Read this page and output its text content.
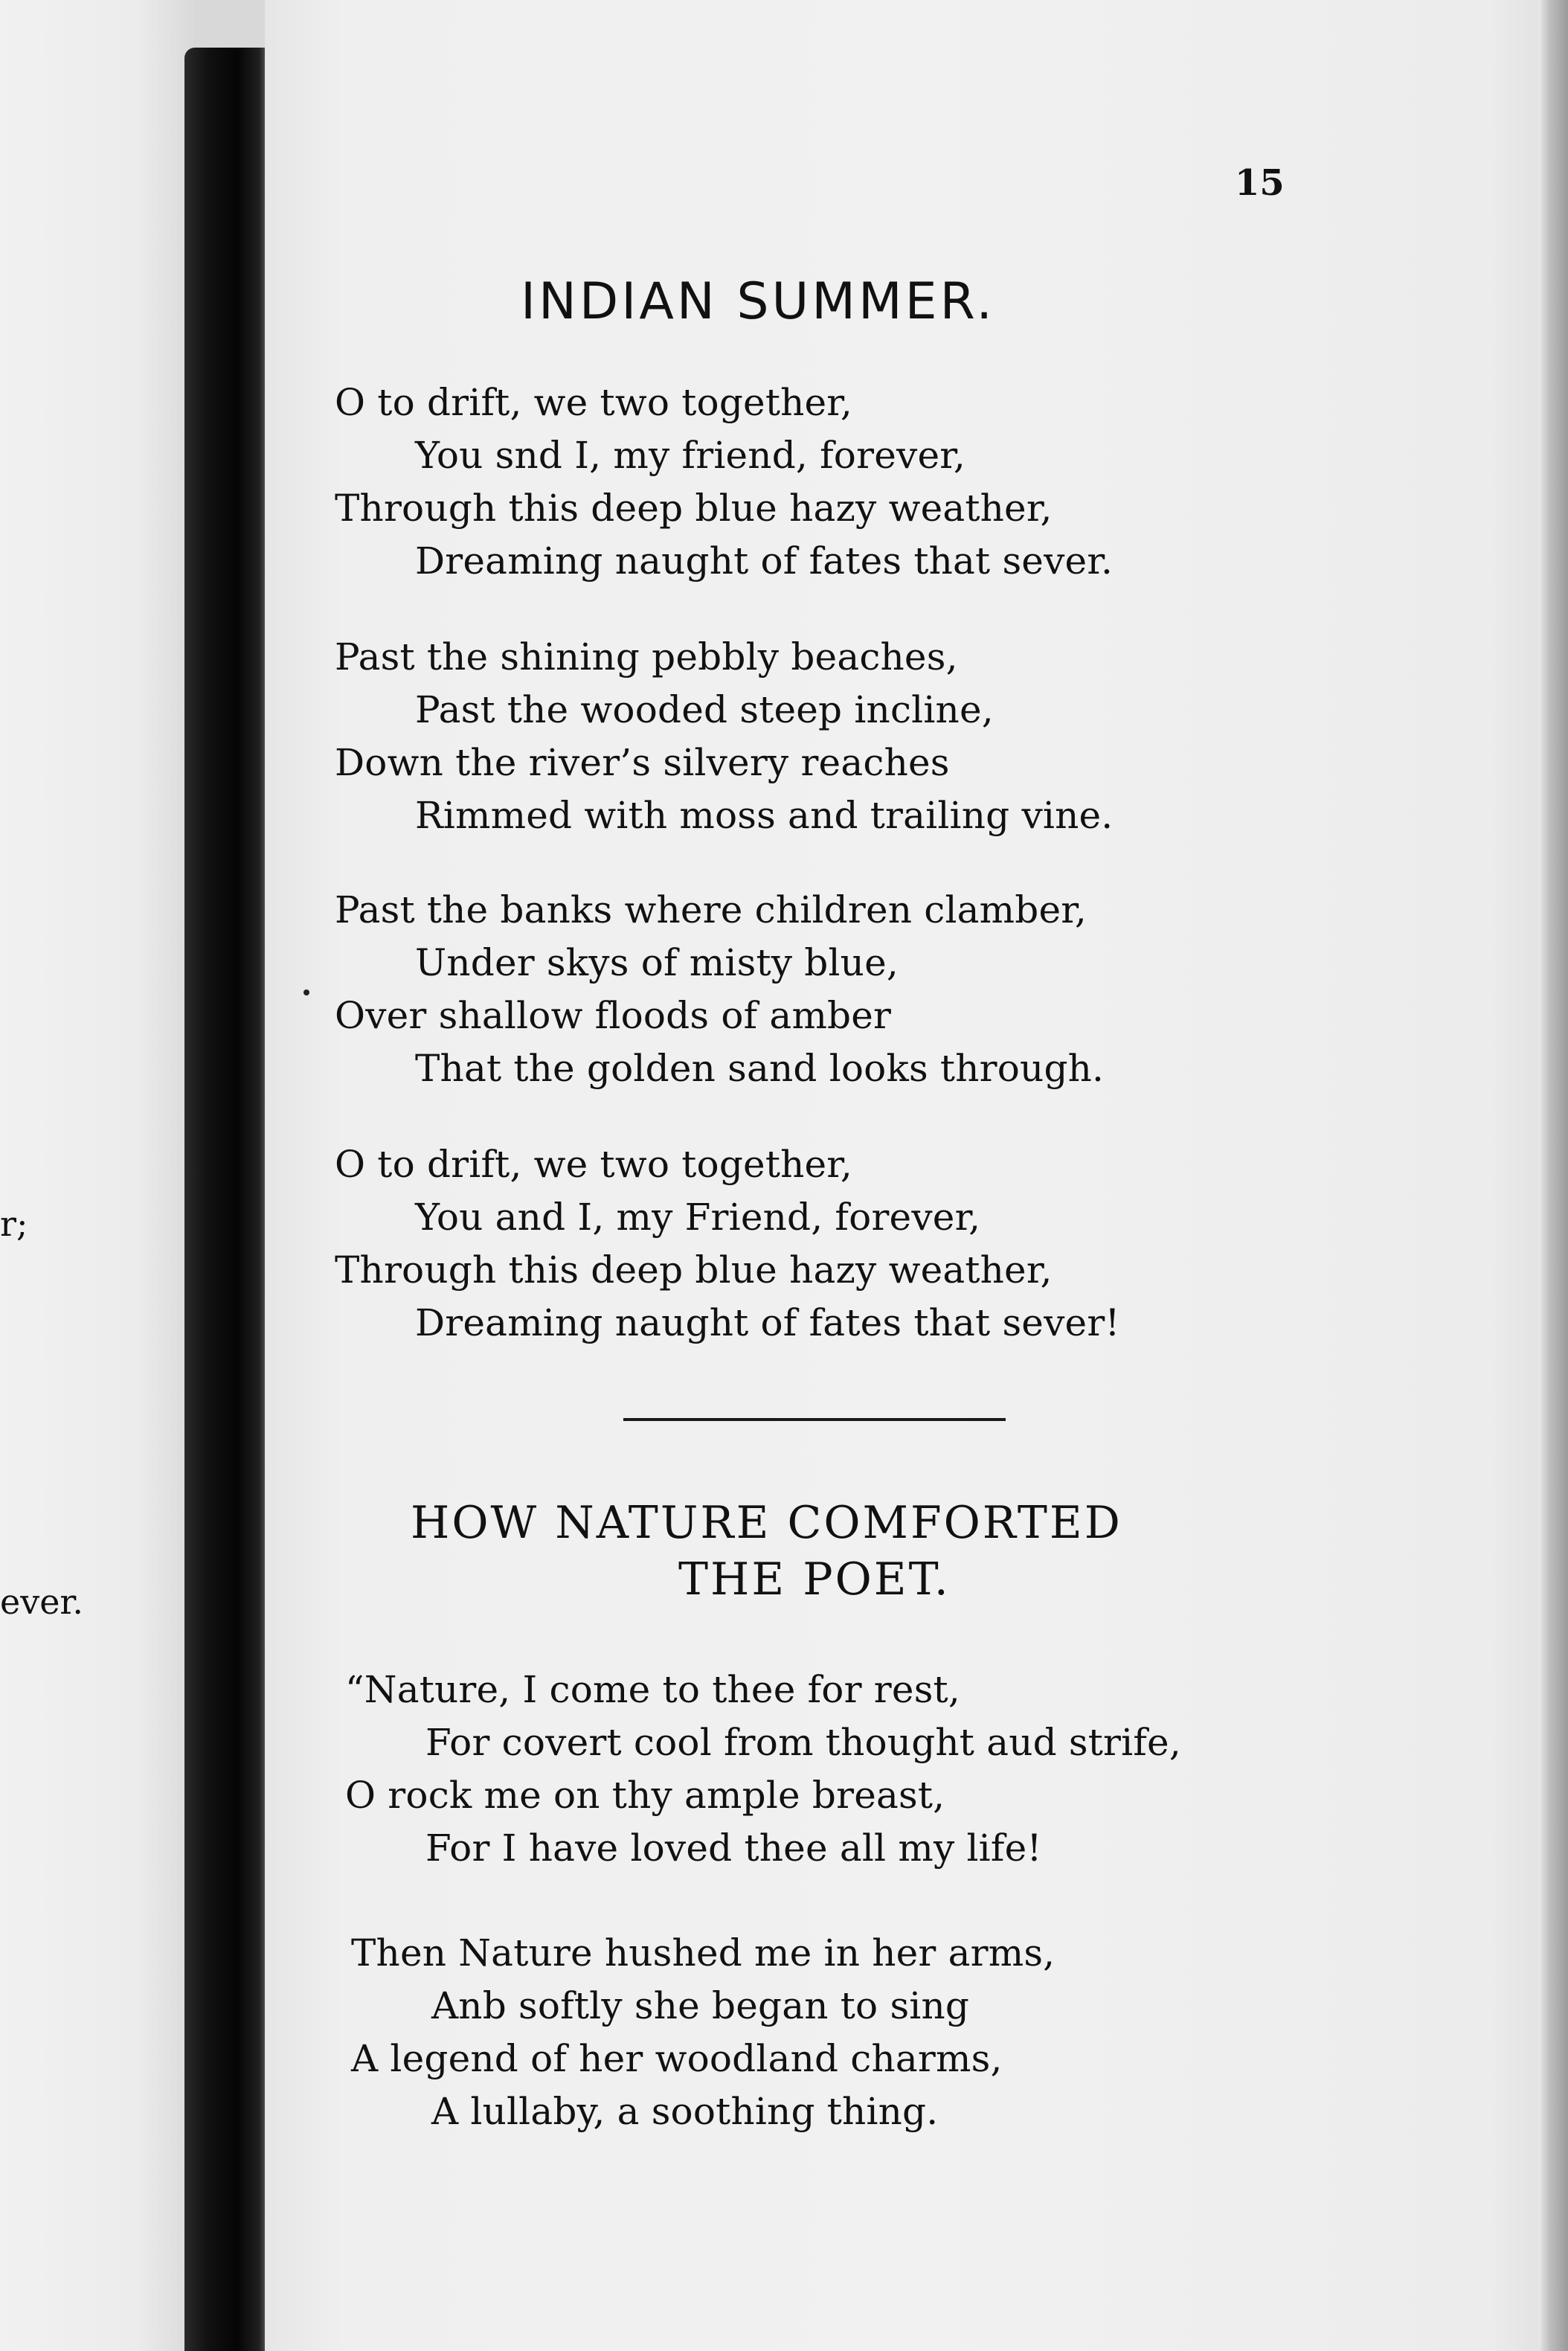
r;
ever.
15
INDIAN SUMMER.
O to drift, we two together,
You snd I, my friend, forever,
Through this deep blue hazy weather,
Dreaming naught of fates that sever.
Past the shining pebbly beaches,
Past the wooded steep incline,
Down the river’s silvery reaches
Rimmed with moss and trailing vine.
Past the banks where children clamber,
Under skys of misty blue,
Over shallow floods of amber
That the golden sand looks through.
O to drift, we two together,
You and I, my Friend, forever,
Through this deep blue hazy weather,
Dreaming naught of fates that sever!
HOW NATURE COMFORTED
THE POET.
“Nature, I come to thee for rest,
For covert cool from thought aud strife,
O rock me on thy ample breast,
For I have loved thee all my life!
Then Nature hushed me in her arms,
Anb softly she began to sing
A legend of her woodland charms,
A lullaby, a soothing thing.
